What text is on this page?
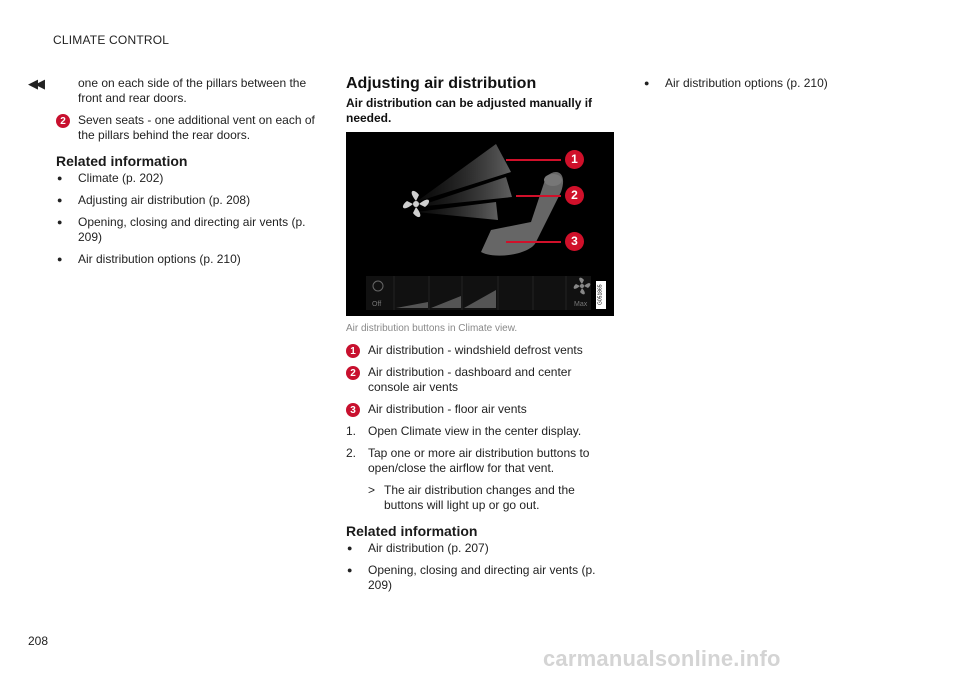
CLIMATE CONTROL
◀◀	one on each side of the pillars between the front and rear doors.
2	Seven seats - one additional vent on each of the pillars behind the rear doors.
Related information
●	Climate (p. 202)
●	Adjusting air distribution (p. 208)
●	Opening, closing and directing air vents (p. 209)
●	Air distribution options (p. 210)
Adjusting air distribution
Air distribution can be adjusted manually if needed.
1
2
3
Off	Max	G051865
Air distribution buttons in Climate view.
1	Air distribution - windshield defrost vents
2	Air distribution - dashboard and center console air vents
3	Air distribution - floor air vents
1. Open Climate view in the center display.
2. Tap one or more air distribution buttons to open/close the airflow for that vent.
> The air distribution changes and the buttons will light up or go out.
Related information
●	Air distribution (p. 207)
●	Opening, closing and directing air vents (p. 209)
●	Air distribution options (p. 210)
208
carmanualsonline.info
